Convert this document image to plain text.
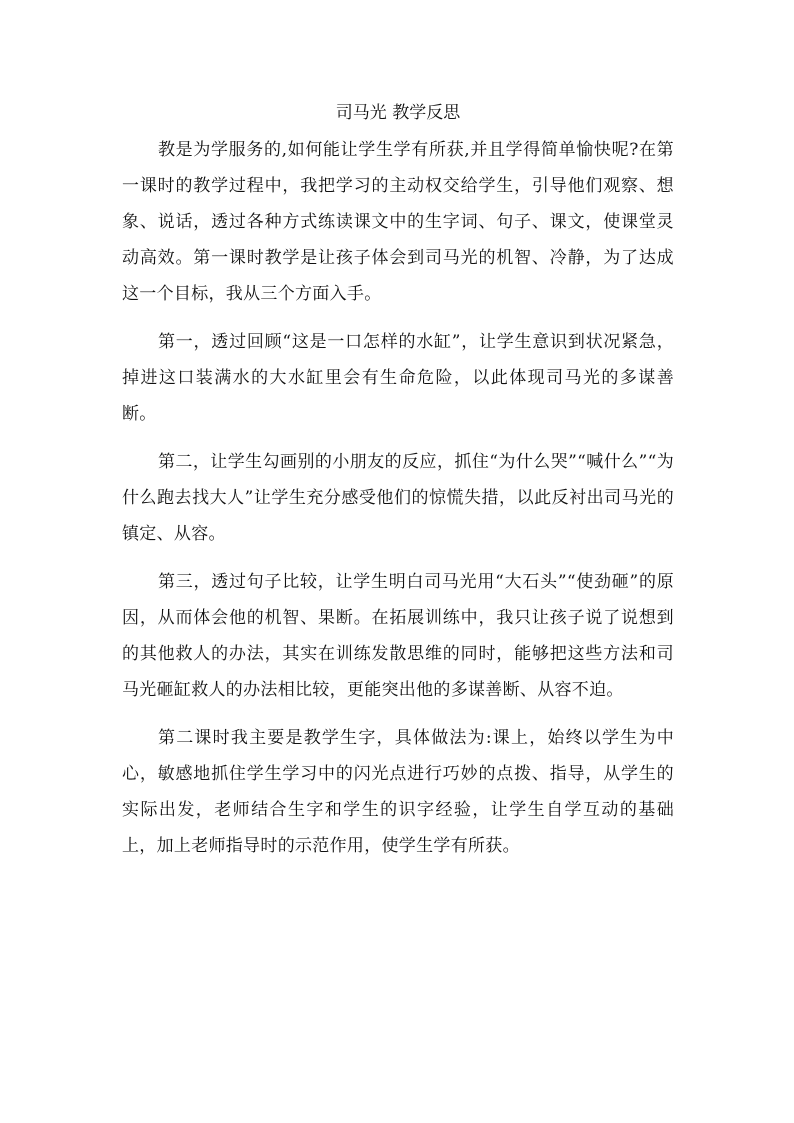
司马光 教学反思

教是为学服务的,如何能让学生学有所获,并且学得简单愉快呢?在第一课时的教学过程中，我把学习的主动权交给学生，引导他们观察、想象、说话，透过各种方式练读课文中的生字词、句子、课文，使课堂灵动高效。第一课时教学是让孩子体会到司马光的机智、冷静，为了达成这一个目标，我从三个方面入手。

第一，透过回顾“这是一口怎样的水缸”，让学生意识到状况紧急，掉进这口装满水的大水缸里会有生命危险，以此体现司马光的多谋善断。

第二，让学生勾画别的小朋友的反应，抓住“为什么哭”“喊什么”“为什么跑去找大人”让学生充分感受他们的惊慌失措，以此反衬出司马光的镇定、从容。

第三，透过句子比较，让学生明白司马光用“大石头”“使劲砸”的原因，从而体会他的机智、果断。在拓展训练中，我只让孩子说了说想到的其他救人的办法，其实在训练发散思维的同时，能够把这些方法和司马光砸缸救人的办法相比较，更能突出他的多谋善断、从容不迫。

第二课时我主要是教学生字，具体做法为:课上，始终以学生为中心，敏感地抓住学生学习中的闪光点进行巧妙的点拨、指导，从学生的实际出发，老师结合生字和学生的识字经验，让学生自学互动的基础上，加上老师指导时的示范作用，使学生学有所获。
